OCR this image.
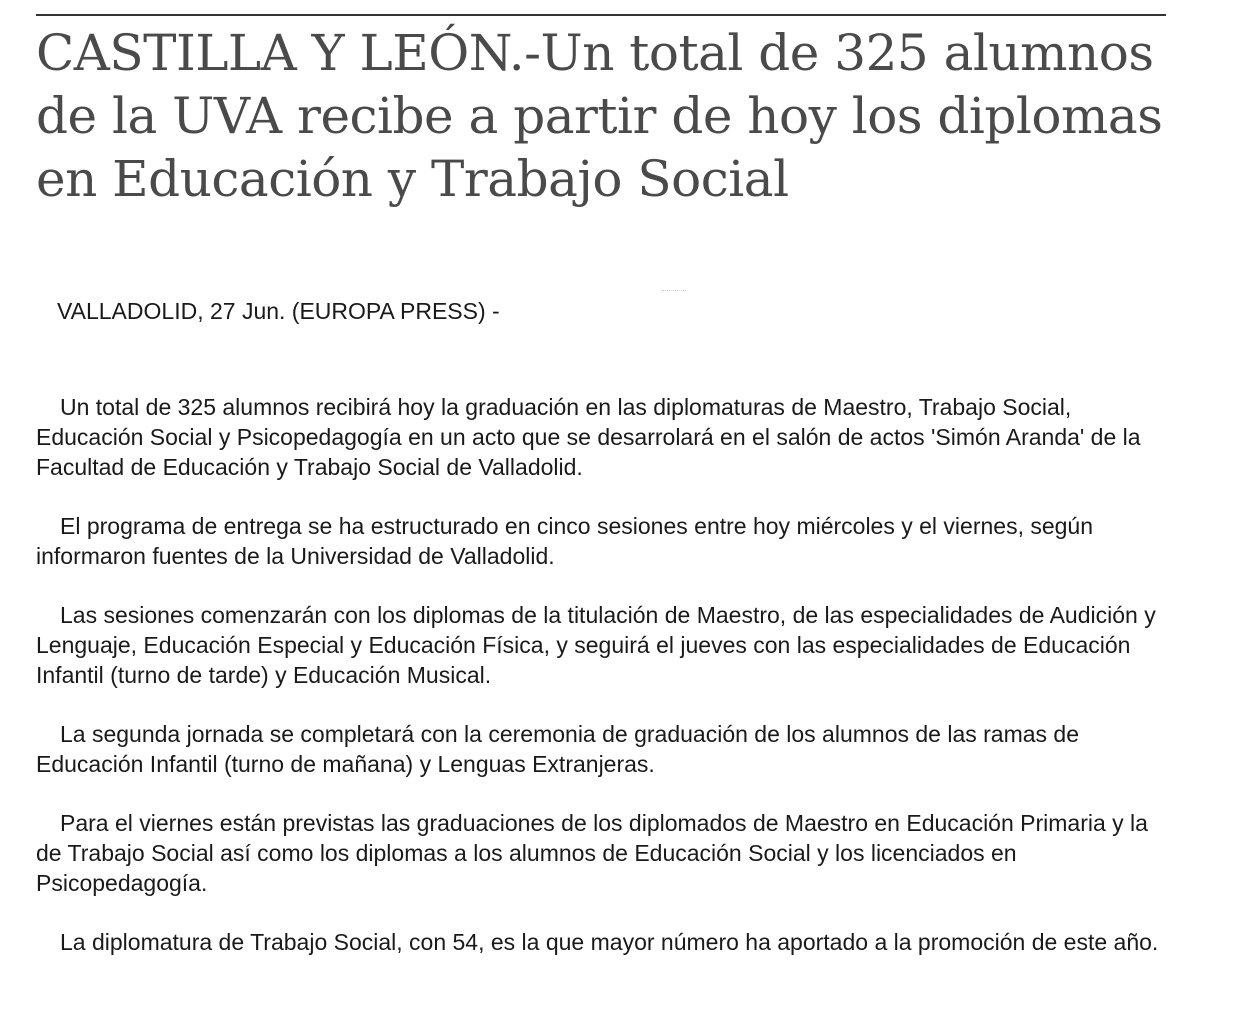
CASTILLA Y LEÓN.-Un total de 325 alumnos de la UVA recibe a partir de hoy los diplomas en Educación y Trabajo Social

VALLADOLID, 27 Jun. (EUROPA PRESS) -

Un total de 325 alumnos recibirá hoy la graduación en las diplomaturas de Maestro, Trabajo Social, Educación Social y Psicopedagogía en un acto que se desarrolará en el salón de actos 'Simón Aranda' de la Facultad de Educación y Trabajo Social de Valladolid.

El programa de entrega se ha estructurado en cinco sesiones entre hoy miércoles y el viernes, según informaron fuentes de la Universidad de Valladolid.

Las sesiones comenzarán con los diplomas de la titulación de Maestro, de las especialidades de Audición y Lenguaje, Educación Especial y Educación Física, y seguirá el jueves con las especialidades de Educación Infantil (turno de tarde) y Educación Musical.

La segunda jornada se completará con la ceremonia de graduación de los alumnos de las ramas de Educación Infantil (turno de mañana) y Lenguas Extranjeras.

Para el viernes están previstas las graduaciones de los diplomados de Maestro en Educación Primaria y la de Trabajo Social así como los diplomas a los alumnos de Educación Social y los licenciados en Psicopedagogía.

La diplomatura de Trabajo Social, con 54, es la que mayor número ha aportado a la promoción de este año.
